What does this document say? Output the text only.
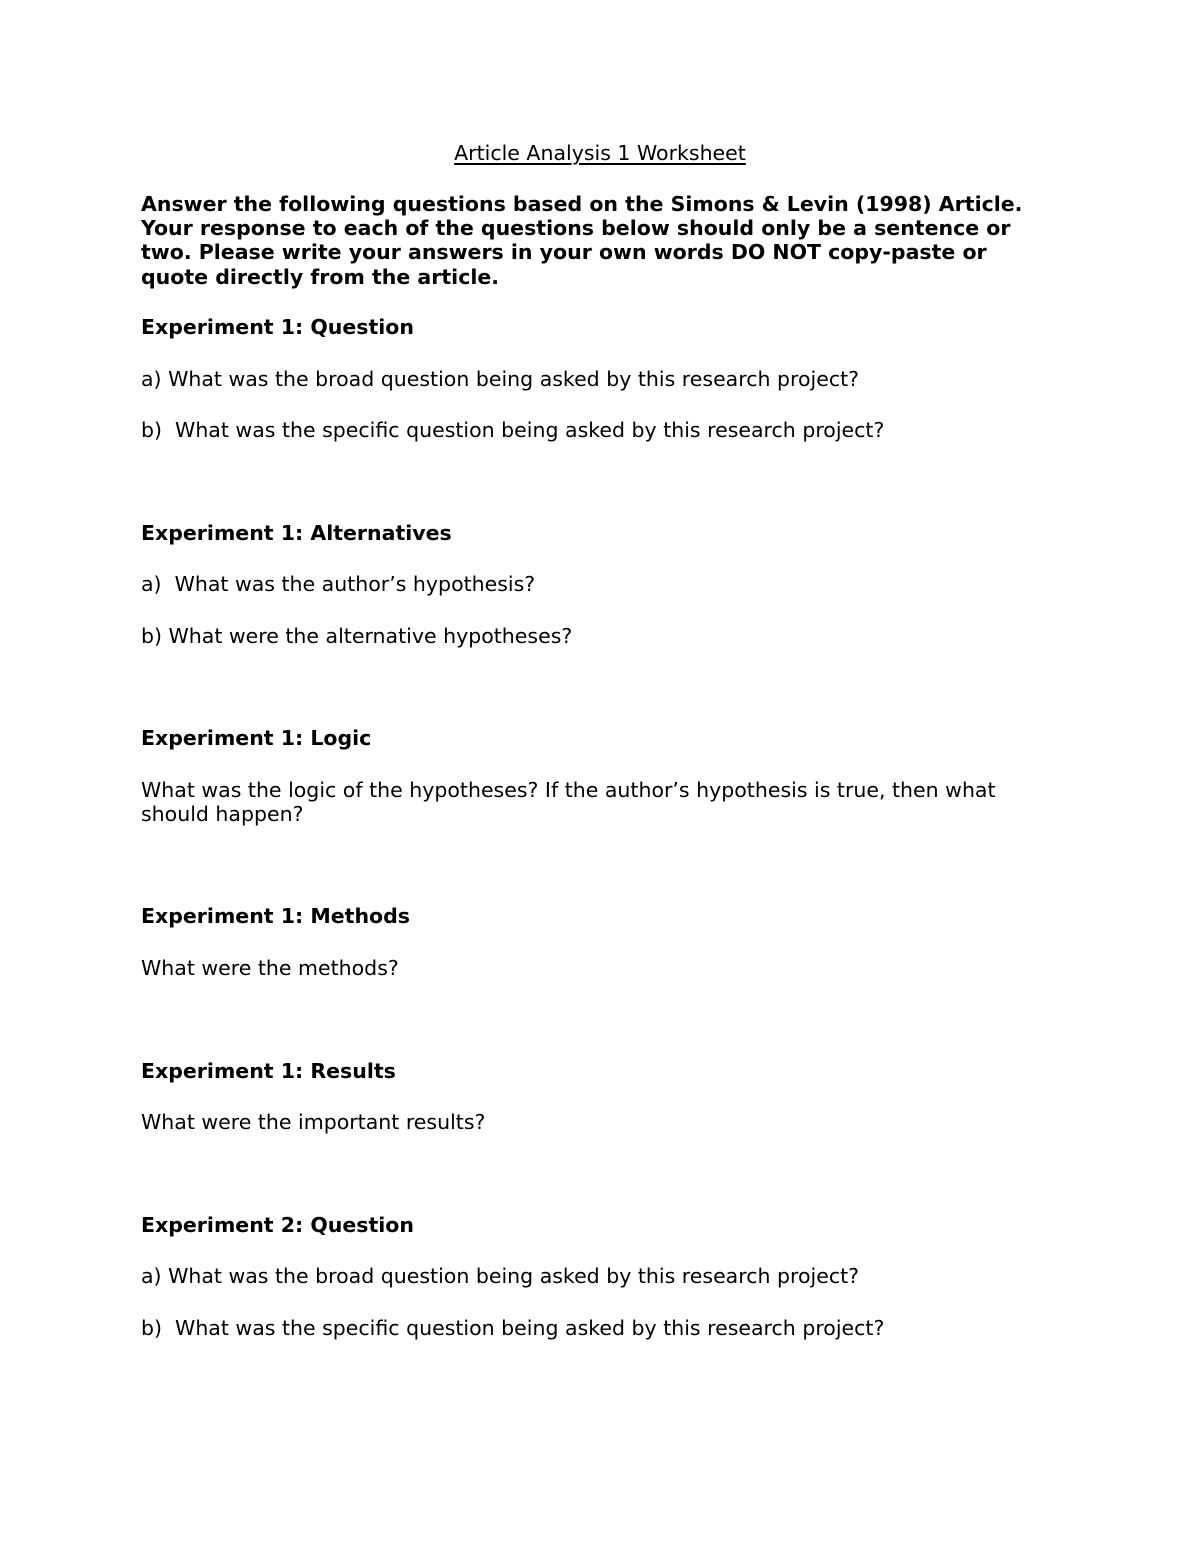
Article Analysis 1 Worksheet
Answer the following questions based on the Simons & Levin (1998) Article. Your response to each of the questions below should only be a sentence or two. Please write your answers in your own words DO NOT copy-paste or quote directly from the article.
Experiment 1: Question
a) What was the broad question being asked by this research project?
b)  What was the specific question being asked by this research project?
Experiment 1: Alternatives
a)  What was the author’s hypothesis?
b) What were the alternative hypotheses?
Experiment 1: Logic
What was the logic of the hypotheses? If the author’s hypothesis is true, then what should happen?
Experiment 1: Methods
What were the methods?
Experiment 1: Results
What were the important results?
Experiment 2: Question
a) What was the broad question being asked by this research project?
b)  What was the specific question being asked by this research project?
